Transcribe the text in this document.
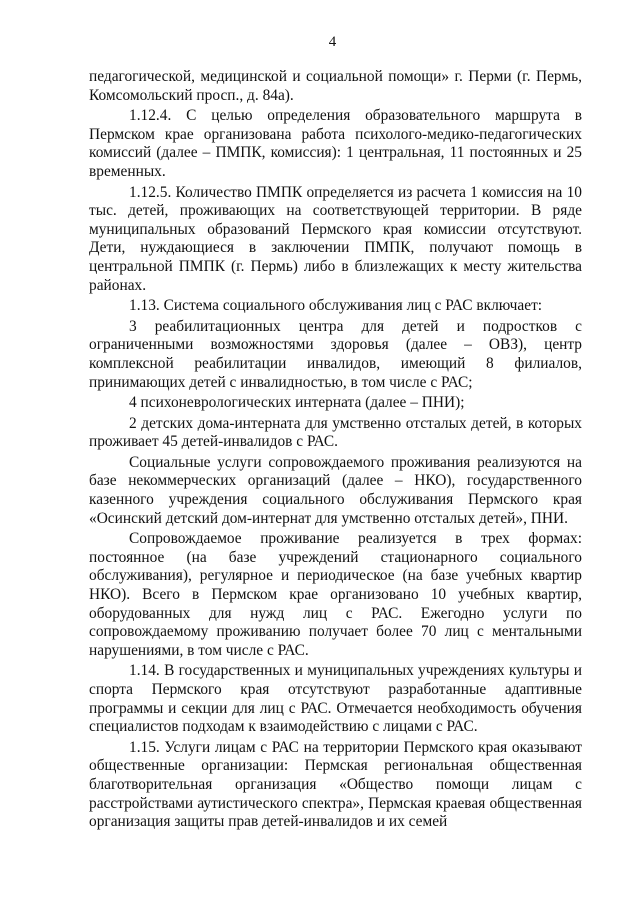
4

педагогической, медицинской и социальной помощи» г. Перми (г. Пермь, Комсомольский просп., д. 84а).

1.12.4. С целью определения образовательного маршрута в Пермском крае организована работа психолого-медико-педагогических комиссий (далее – ПМПК, комиссия): 1 центральная, 11 постоянных и 25 временных.

1.12.5. Количество ПМПК определяется из расчета 1 комиссия на 10 тыс. детей, проживающих на соответствующей территории. В ряде муниципальных образований Пермского края комиссии отсутствуют. Дети, нуждающиеся в заключении ПМПК, получают помощь в центральной ПМПК (г. Пермь) либо в близлежащих к месту жительства районах.

1.13. Система социального обслуживания лиц с РАС включает:

3 реабилитационных центра для детей и подростков с ограниченными возможностями здоровья (далее – ОВЗ), центр комплексной реабилитации инвалидов, имеющий 8 филиалов, принимающих детей с инвалидностью, в том числе с РАС;

4 психоневрологических интерната (далее – ПНИ);

2 детских дома-интерната для умственно отсталых детей, в которых проживает 45 детей-инвалидов с РАС.

Социальные услуги сопровождаемого проживания реализуются на базе некоммерческих организаций (далее – НКО), государственного казенного учреждения социального обслуживания Пермского края «Осинский детский дом-интернат для умственно отсталых детей», ПНИ.

Сопровождаемое проживание реализуется в трех формах: постоянное (на базе учреждений стационарного социального обслуживания), регулярное и периодическое (на базе учебных квартир НКО). Всего в Пермском крае организовано 10 учебных квартир, оборудованных для нужд лиц с РАС. Ежегодно услуги по сопровождаемому проживанию получает более 70 лиц с ментальными нарушениями, в том числе с РАС.

1.14. В государственных и муниципальных учреждениях культуры и спорта Пермского края отсутствуют разработанные адаптивные программы и секции для лиц с РАС. Отмечается необходимость обучения специалистов подходам к взаимодействию с лицами с РАС.

1.15. Услуги лицам с РАС на территории Пермского края оказывают общественные организации: Пермская региональная общественная благотворительная организация «Общество помощи лицам с расстройствами аутистического спектра», Пермская краевая общественная организация защиты прав детей-инвалидов и их семей
